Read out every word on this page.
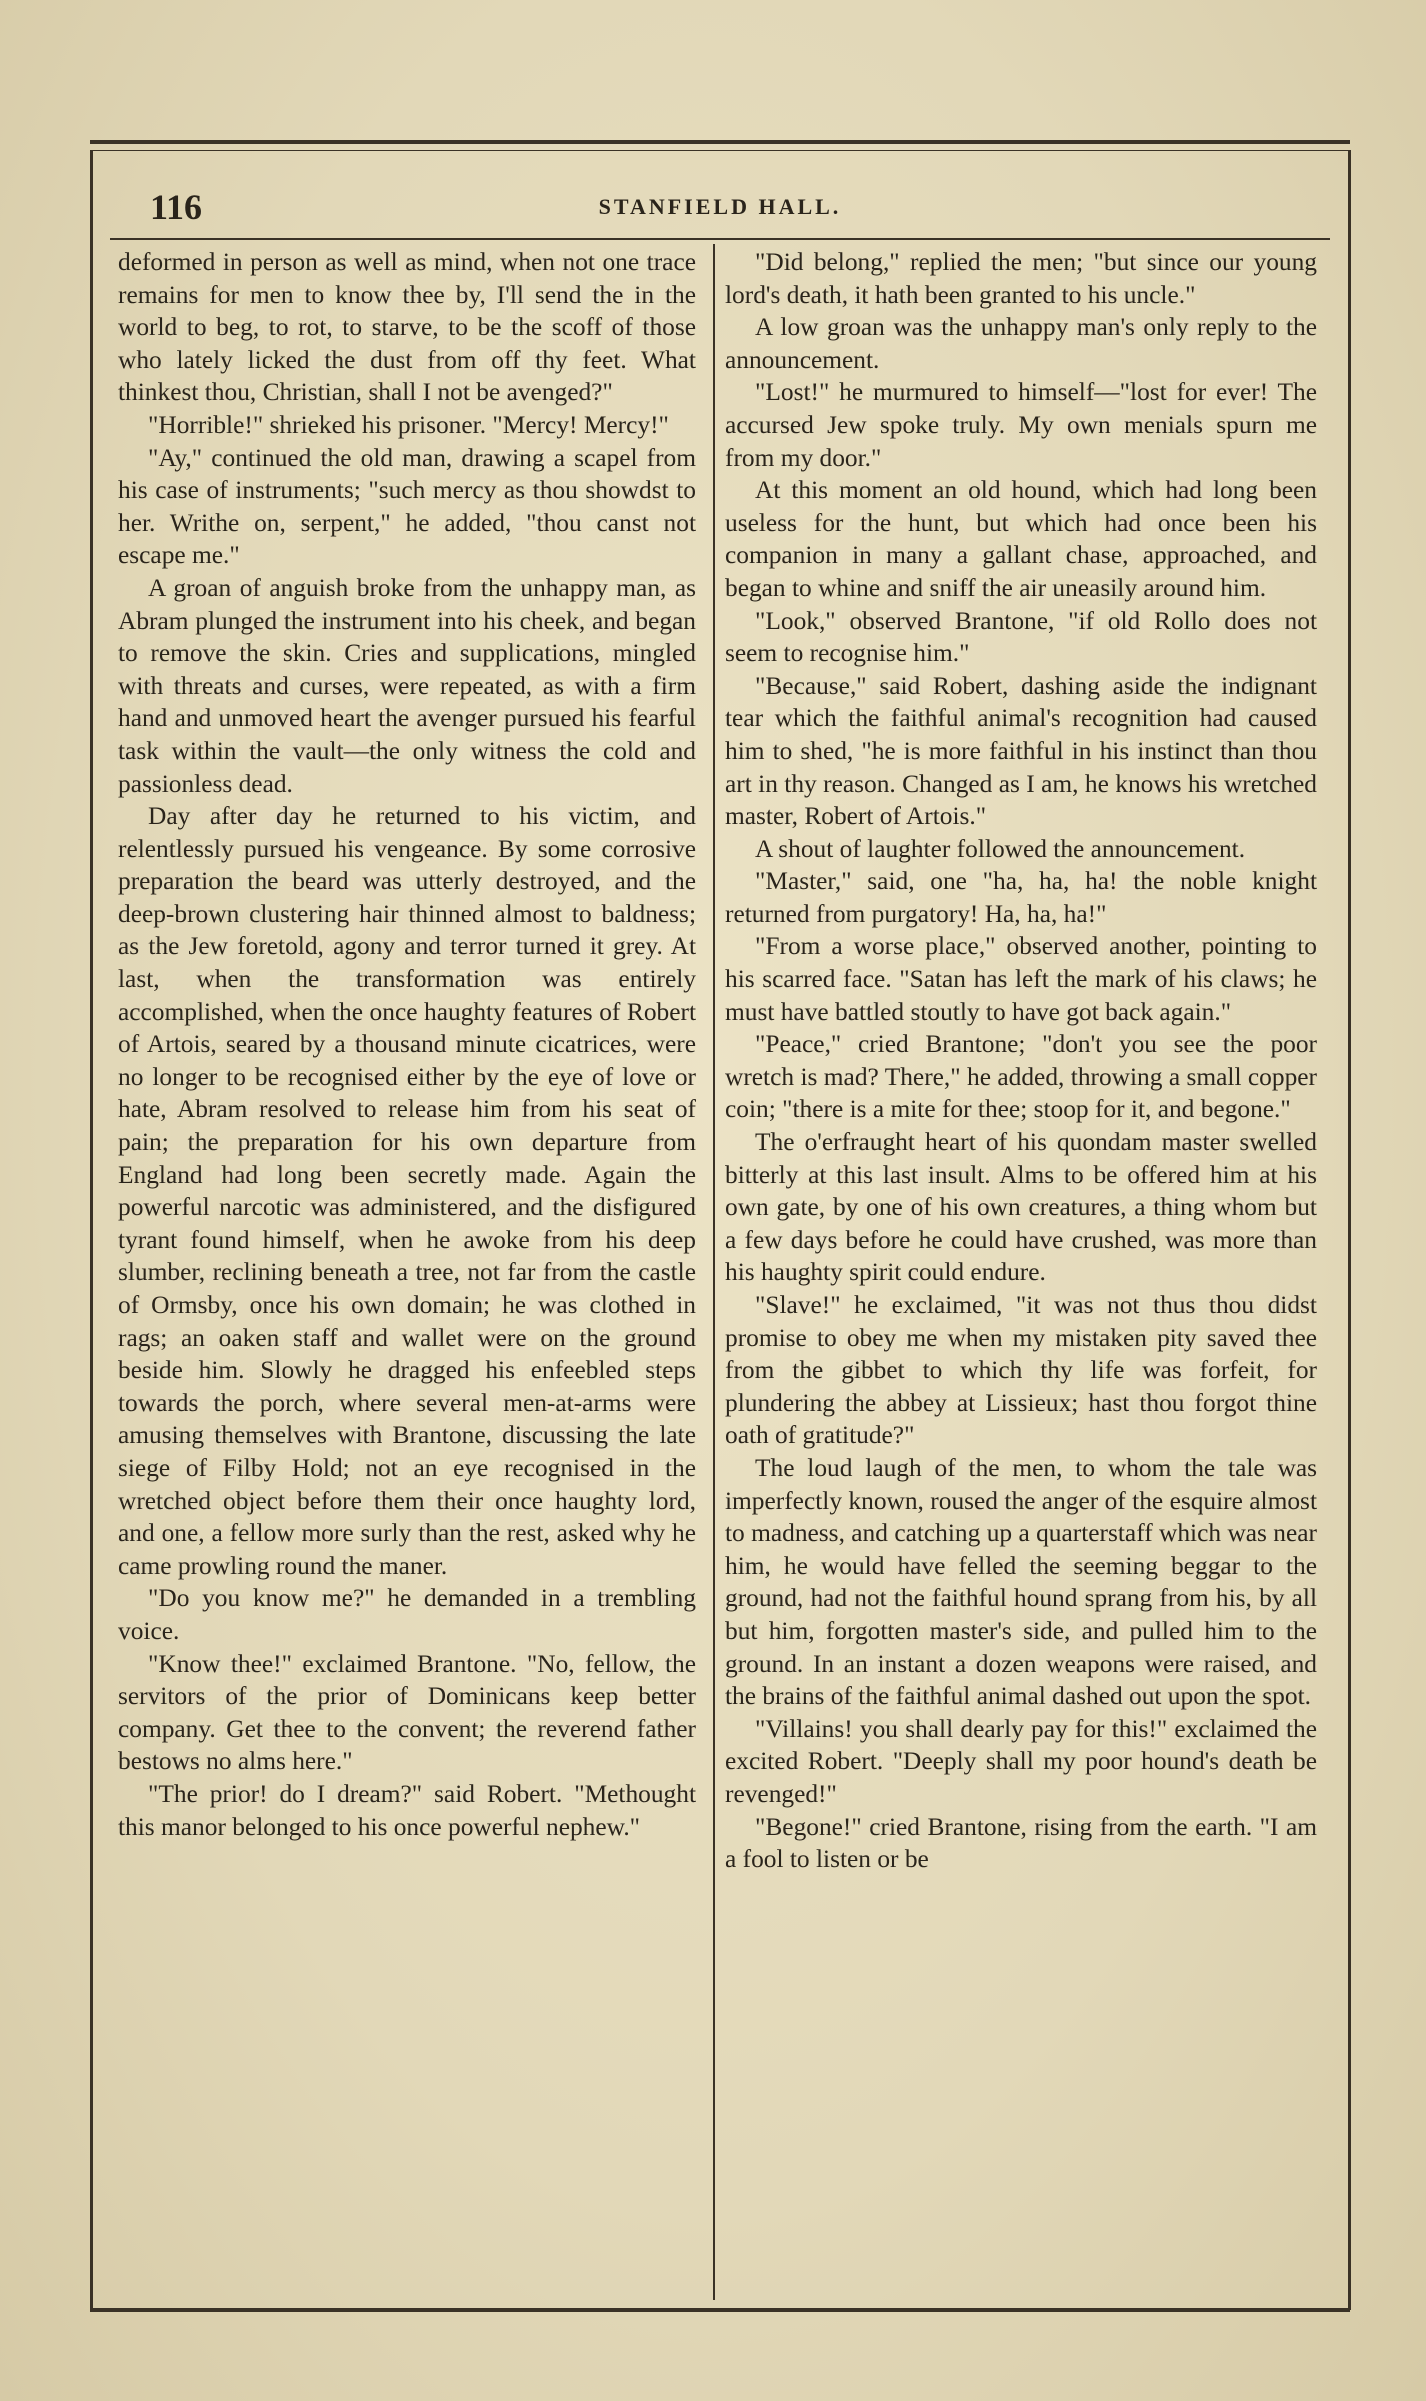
116	STANFIELD HALL.

deformed in person as well as mind, when not one trace remains for men to know thee by, I'll send the in the world to beg, to rot, to starve, to be the scoff of those who lately licked the dust from off thy feet. What thinkest thou, Christian, shall I not be avenged?"

"Horrible!" shrieked his prisoner. "Mercy! Mercy!"

"Ay," continued the old man, drawing a scapel from his case of instruments; "such mercy as thou showdst to her. Writhe on, serpent," he added, "thou canst not escape me."

A groan of anguish broke from the unhappy man, as Abram plunged the instrument into his cheek, and began to remove the skin. Cries and supplications, mingled with threats and curses, were repeated, as with a firm hand and unmoved heart the avenger pursued his fearful task within the vault—the only witness the cold and passionless dead.

Day after day he returned to his victim, and relentlessly pursued his vengeance. By some corrosive preparation the beard was utterly destroyed, and the deep-brown clustering hair thinned almost to baldness; as the Jew foretold, agony and terror turned it grey. At last, when the transformation was entirely accomplished, when the once haughty features of Robert of Artois, seared by a thousand minute cicatrices, were no longer to be recognised either by the eye of love or hate, Abram resolved to release him from his seat of pain; the preparation for his own departure from England had long been secretly made. Again the powerful narcotic was administered, and the disfigured tyrant found himself, when he awoke from his deep slumber, reclining beneath a tree, not far from the castle of Ormsby, once his own domain; he was clothed in rags; an oaken staff and wallet were on the ground beside him. Slowly he dragged his enfeebled steps towards the porch, where several men-at-arms were amusing themselves with Brantone, discussing the late siege of Filby Hold; not an eye recognised in the wretched object before them their once haughty lord, and one, a fellow more surly than the rest, asked why he came prowling round the maner.

"Do you know me?" he demanded in a trembling voice.

"Know thee!" exclaimed Brantone. "No, fellow, the servitors of the prior of Dominicans keep better company. Get thee to the convent; the reverend father bestows no alms here."

"The prior! do I dream?" said Robert. "Methought this manor belonged to his once powerful nephew."

"Did belong," replied the men; "but since our young lord's death, it hath been granted to his uncle."

A low groan was the unhappy man's only reply to the announcement.

"Lost!" he murmured to himself—"lost for ever! The accursed Jew spoke truly. My own menials spurn me from my door."

At this moment an old hound, which had long been useless for the hunt, but which had once been his companion in many a gallant chase, approached, and began to whine and sniff the air uneasily around him.

"Look," observed Brantone, "if old Rollo does not seem to recognise him."

"Because," said Robert, dashing aside the indignant tear which the faithful animal's recognition had caused him to shed, "he is more faithful in his instinct than thou art in thy reason. Changed as I am, he knows his wretched master, Robert of Artois."

A shout of laughter followed the announcement.

"Master," said, one "ha, ha, ha! the noble knight returned from purgatory! Ha, ha, ha!"

"From a worse place," observed another, pointing to his scarred face. "Satan has left the mark of his claws; he must have battled stoutly to have got back again."

"Peace," cried Brantone; "don't you see the poor wretch is mad? There," he added, throwing a small copper coin; "there is a mite for thee; stoop for it, and begone."

The o'erfraught heart of his quondam master swelled bitterly at this last insult. Alms to be offered him at his own gate, by one of his own creatures, a thing whom but a few days before he could have crushed, was more than his haughty spirit could endure.

"Slave!" he exclaimed, "it was not thus thou didst promise to obey me when my mistaken pity saved thee from the gibbet to which thy life was forfeit, for plundering the abbey at Lissieux; hast thou forgot thine oath of gratitude?"

The loud laugh of the men, to whom the tale was imperfectly known, roused the anger of the esquire almost to madness, and catching up a quarterstaff which was near him, he would have felled the seeming beggar to the ground, had not the faithful hound sprang from his, by all but him, forgotten master's side, and pulled him to the ground. In an instant a dozen weapons were raised, and the brains of the faithful animal dashed out upon the spot.

"Villains! you shall dearly pay for this!" exclaimed the excited Robert. "Deeply shall my poor hound's death be revenged!"

"Begone!" cried Brantone, rising from the earth. "I am a fool to listen or be
